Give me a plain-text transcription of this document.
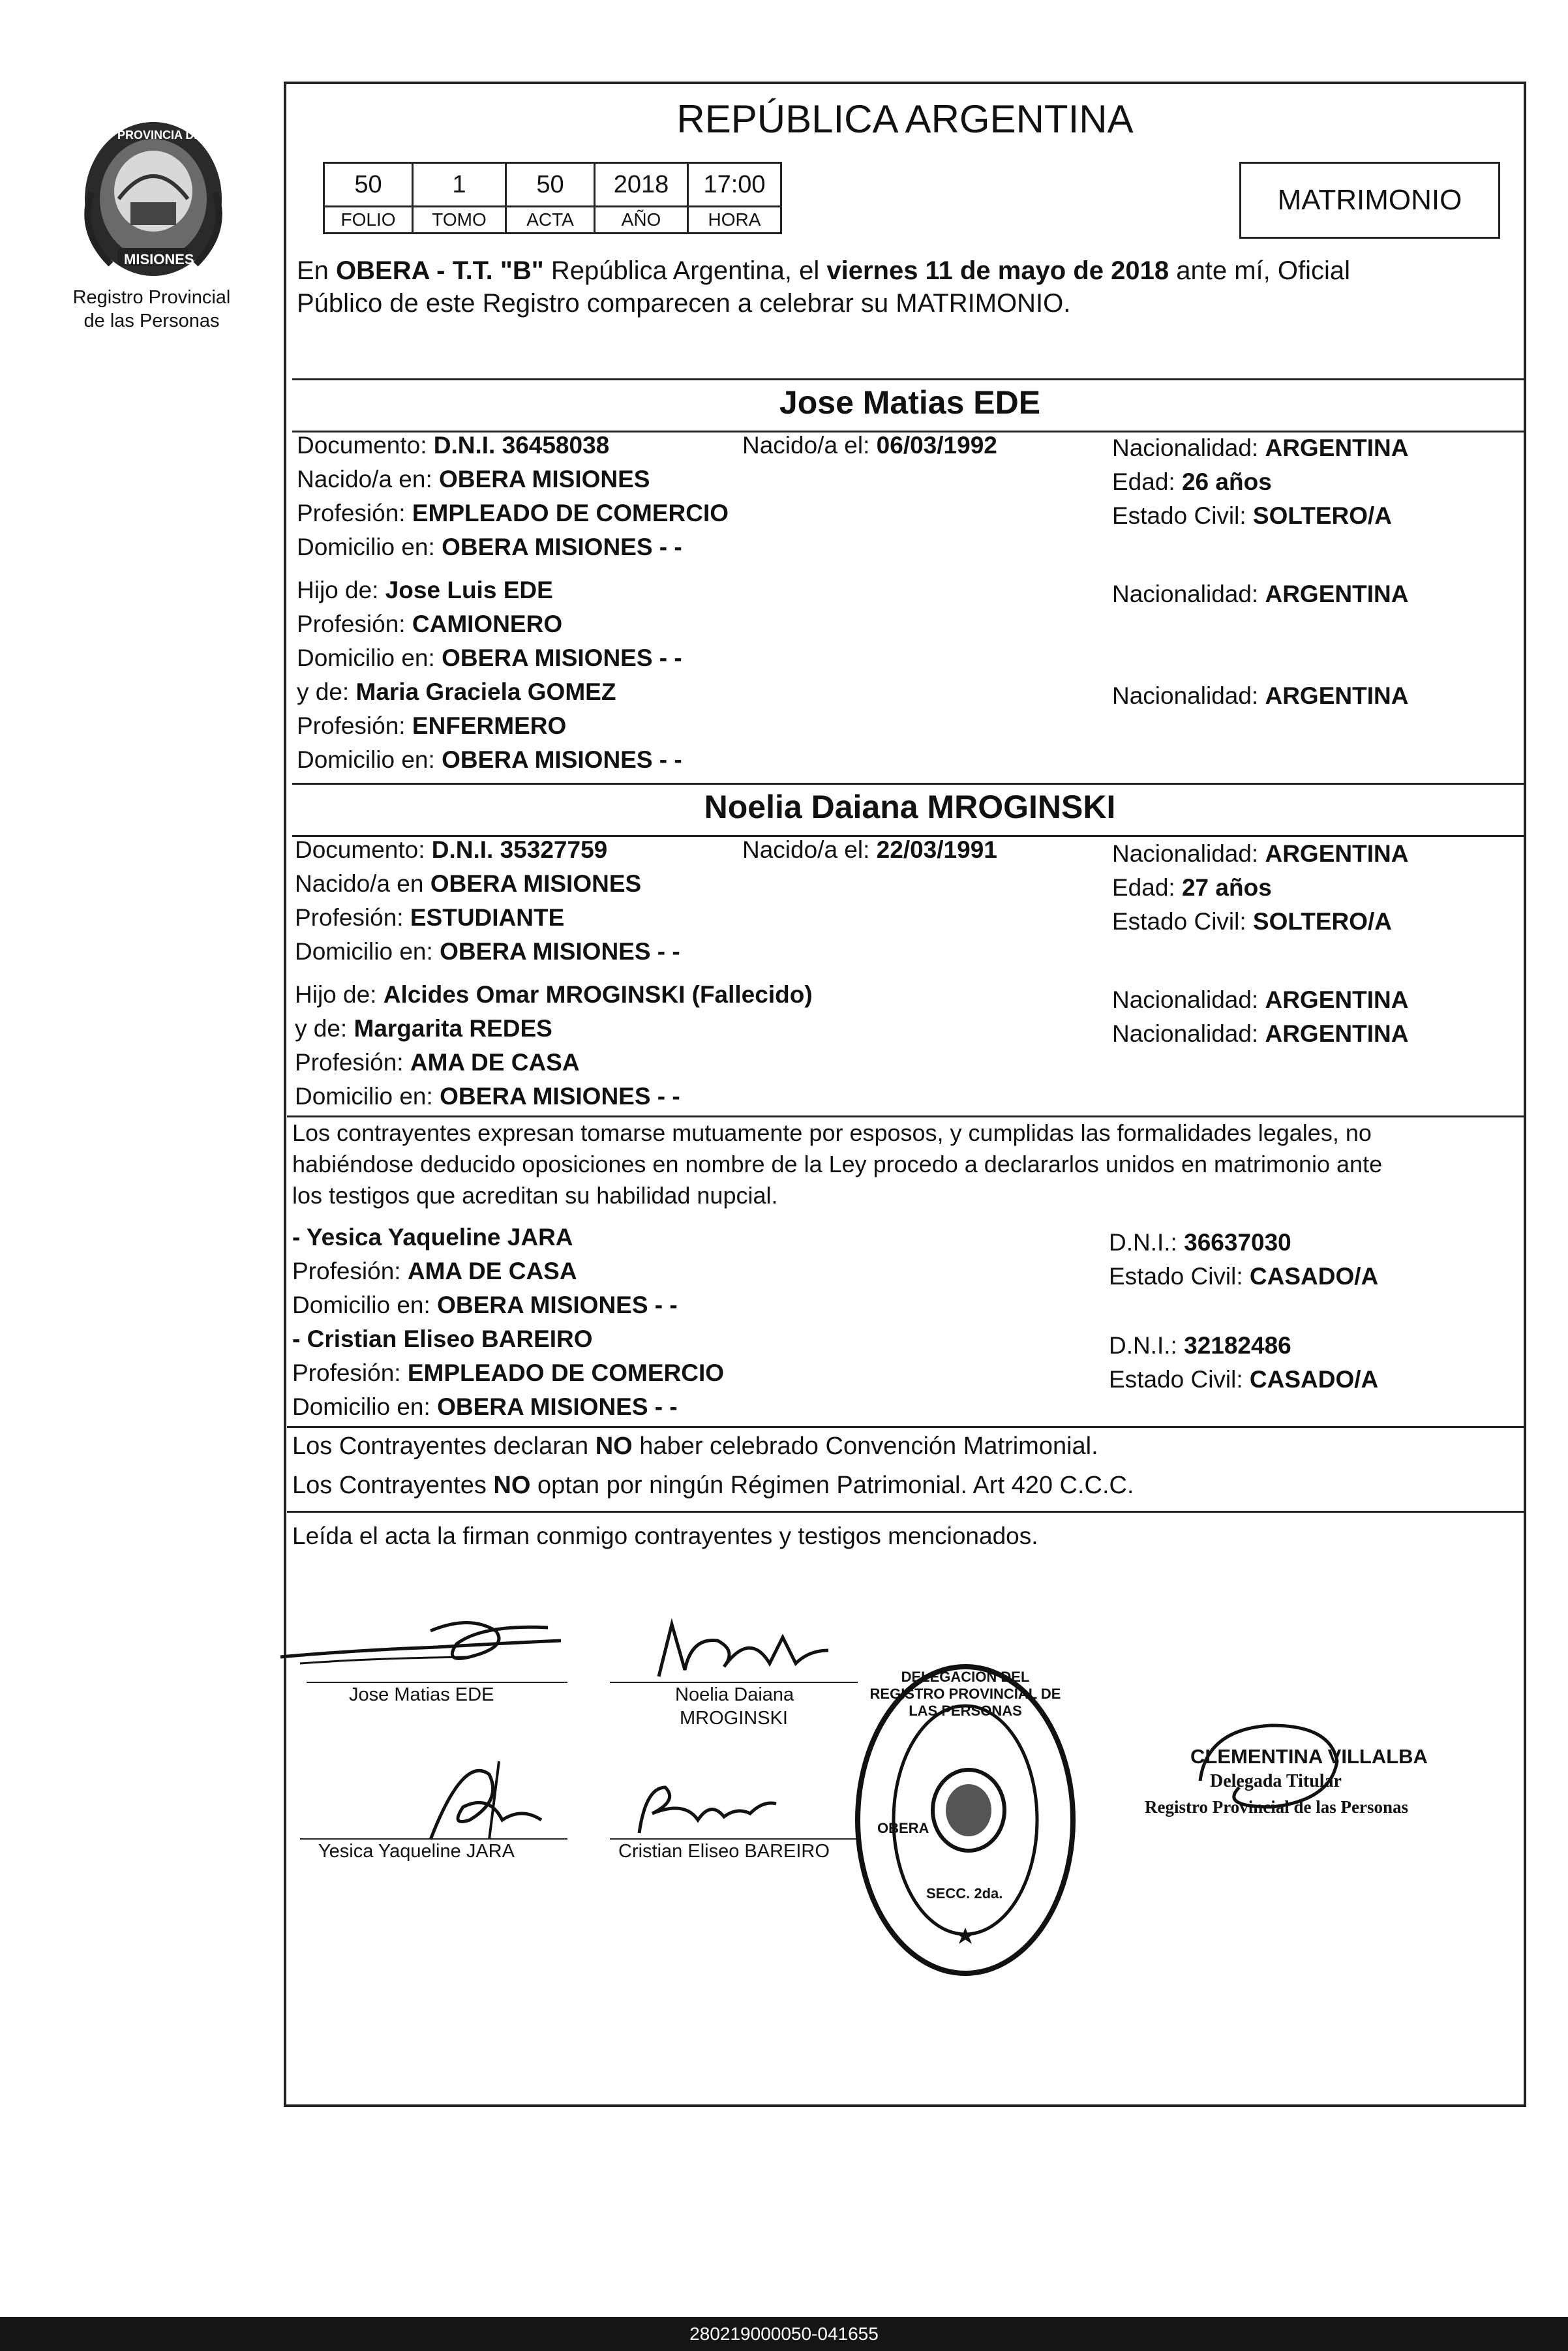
PROVINCIA DE
MISIONES
Registro Provincial
de las Personas
REPÚBLICA ARGENTINA
50	1	50	2018	17:00
FOLIO	TOMO	ACTA	AÑO	HORA
MATRIMONIO
En OBERA - T.T. "B" República Argentina, el viernes 11 de mayo de 2018 ante mí, Oficial
Público de este Registro comparecen a celebrar su MATRIMONIO.
Jose Matias EDE
Documento: D.N.I. 36458038	Nacido/a el: 06/03/1992	Nacionalidad: ARGENTINA
Nacido/a en: OBERA MISIONES	Edad: 26 años
Profesión: EMPLEADO DE COMERCIO	Estado Civil: SOLTERO/A
Domicilio en: OBERA MISIONES - -
Hijo de: Jose Luis EDE	Nacionalidad: ARGENTINA
Profesión: CAMIONERO
Domicilio en: OBERA MISIONES - -
y de: Maria Graciela GOMEZ	Nacionalidad: ARGENTINA
Profesión: ENFERMERO
Domicilio en: OBERA MISIONES - -
Noelia Daiana MROGINSKI
Documento: D.N.I. 35327759	Nacido/a el: 22/03/1991	Nacionalidad: ARGENTINA
Nacido/a en OBERA MISIONES	Edad: 27 años
Profesión: ESTUDIANTE	Estado Civil: SOLTERO/A
Domicilio en: OBERA MISIONES - -
Hijo de: Alcides Omar MROGINSKI (Fallecido)	Nacionalidad: ARGENTINA
y de: Margarita REDES	Nacionalidad: ARGENTINA
Profesión: AMA DE CASA
Domicilio en: OBERA MISIONES - -
Los contrayentes expresan tomarse mutuamente por esposos, y cumplidas las formalidades legales, no
habiéndose deducido oposiciones en nombre de la Ley procedo a declararlos unidos en matrimonio ante
los testigos que acreditan su habilidad nupcial.
- Yesica Yaqueline JARA	D.N.I.: 36637030
Profesión: AMA DE CASA	Estado Civil: CASADO/A
Domicilio en: OBERA MISIONES - -
- Cristian Eliseo BAREIRO	D.N.I.: 32182486
Profesión: EMPLEADO DE COMERCIO	Estado Civil: CASADO/A
Domicilio en: OBERA MISIONES - -
Los Contrayentes declaran NO haber celebrado Convención Matrimonial.
Los Contrayentes NO optan por ningún Régimen Patrimonial. Art 420 C.C.C.
Leída el acta la firman conmigo contrayentes y testigos mencionados.
Jose Matias EDE	Noelia Daiana
MROGINSKI
Yesica Yaqueline JARA	Cristian Eliseo BAREIRO
DELEGACION DEL REGISTRO PROVINCIAL DE LAS PERSONAS
OBERA
SECC. 2da.
CLEMENTINA VILLALBA
Delegada Titular
Registro Provincial de las Personas
280219000050-041655
